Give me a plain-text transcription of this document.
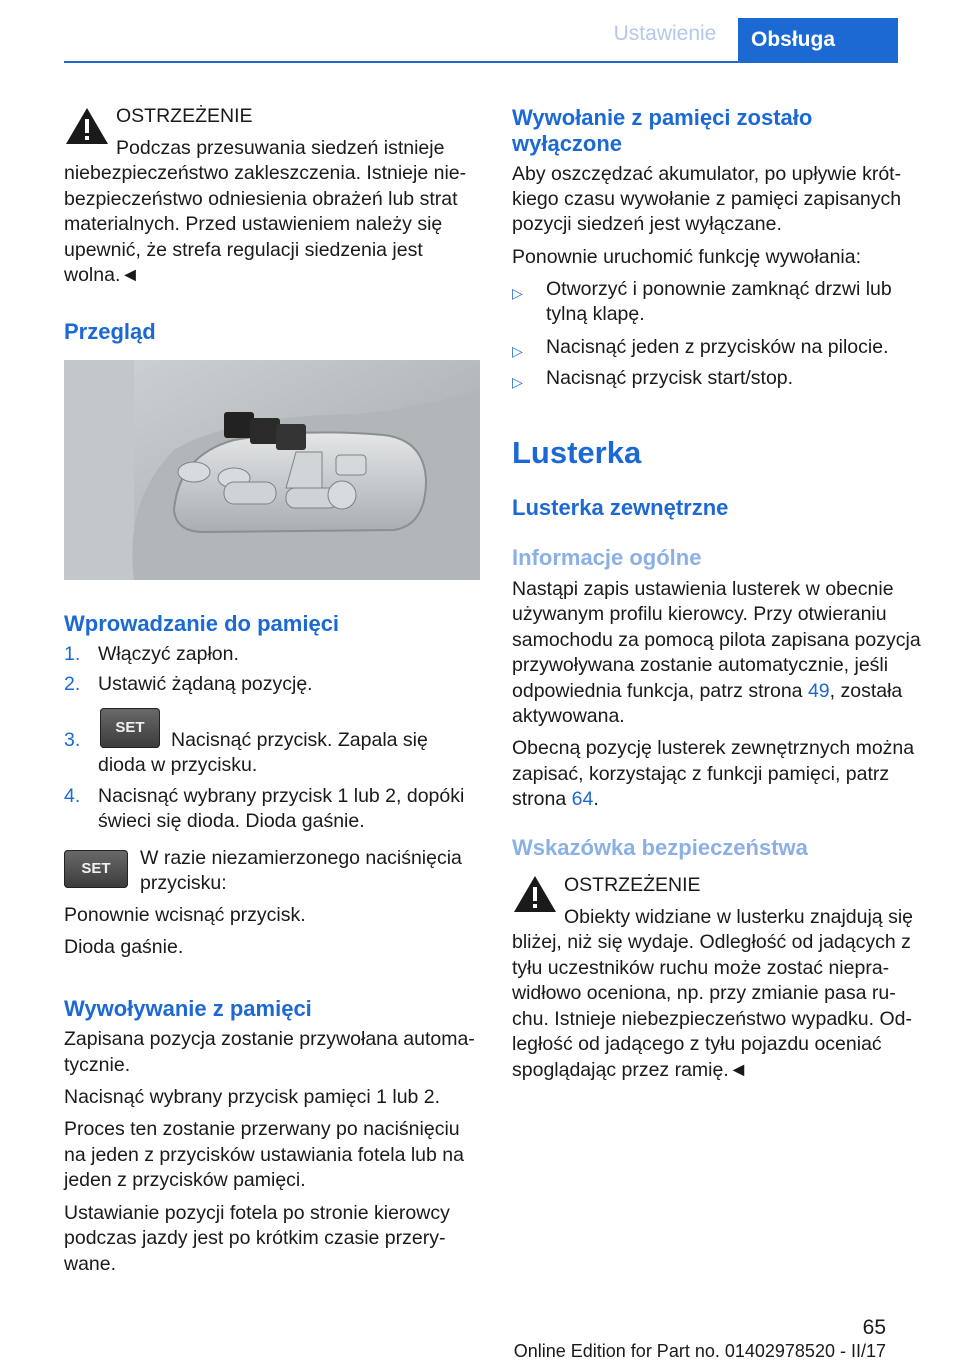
Ustawienie	Obsługa
OSTRZEŻENIE
Podczas przesuwania siedzeń istnieje
niebezpieczeństwo zakleszczenia. Istnieje nie‐
bezpieczeństwo odniesienia obrażeń lub strat
materialnych. Przed ustawieniem należy się
upewnić, że strefa regulacji siedzenia jest
wolna.◄
Przegląd
Wprowadzanie do pamięci
1. Włączyć zapłon.
2. Ustawić żądaną pozycję.
3.
SET
Nacisnąć przycisk. Zapala się
dioda w przycisku.
4. Nacisnąć wybrany przycisk 1 lub 2, dopóki
świeci się dioda. Dioda gaśnie.
SET	W razie niezamierzonego naciśnięcia
przycisku:
Ponownie wcisnąć przycisk.
Dioda gaśnie.
Wywoływanie z pamięci
Zapisana pozycja zostanie przywołana automa‐
tycznie.
Nacisnąć wybrany przycisk pamięci 1 lub 2.
Proces ten zostanie przerwany po naciśnięciu
na jeden z przycisków ustawiania fotela lub na
jeden z przycisków pamięci.
Ustawianie pozycji fotela po stronie kierowcy
podczas jazdy jest po krótkim czasie przery‐
wane.
Wywołanie z pamięci zostało
wyłączone
Aby oszczędzać akumulator, po upływie krót‐
kiego czasu wywołanie z pamięci zapisanych
pozycji siedzeń jest wyłączane.
Ponownie uruchomić funkcję wywołania:
▷ Otworzyć i ponownie zamknąć drzwi lub
tylną klapę.
▷ Nacisnąć jeden z przycisków na pilocie.
▷ Nacisnąć przycisk start/stop.
Lusterka
Lusterka zewnętrzne
Informacje ogólne
Nastąpi zapis ustawienia lusterek w obecnie
używanym profilu kierowcy. Przy otwieraniu
samochodu za pomocą pilota zapisana pozycja
przywoływana zostanie automatycznie, jeśli
odpowiednia funkcja, patrz strona 49, została
aktywowana.
Obecną pozycję lusterek zewnętrznych można
zapisać, korzystając z funkcji pamięci, patrz
strona 64.
Wskazówka bezpieczeństwa
OSTRZEŻENIE
Obiekty widziane w lusterku znajdują się
bliżej, niż się wydaje. Odległość od jadących z
tyłu uczestników ruchu może zostać niepra‐
widłowo oceniona, np. przy zmianie pasa ru‐
chu. Istnieje niebezpieczeństwo wypadku. Od‐
ległość od jadącego z tyłu pojazdu oceniać
spoglądając przez ramię.◄
65
Online Edition for Part no. 01402978520 - II/17
